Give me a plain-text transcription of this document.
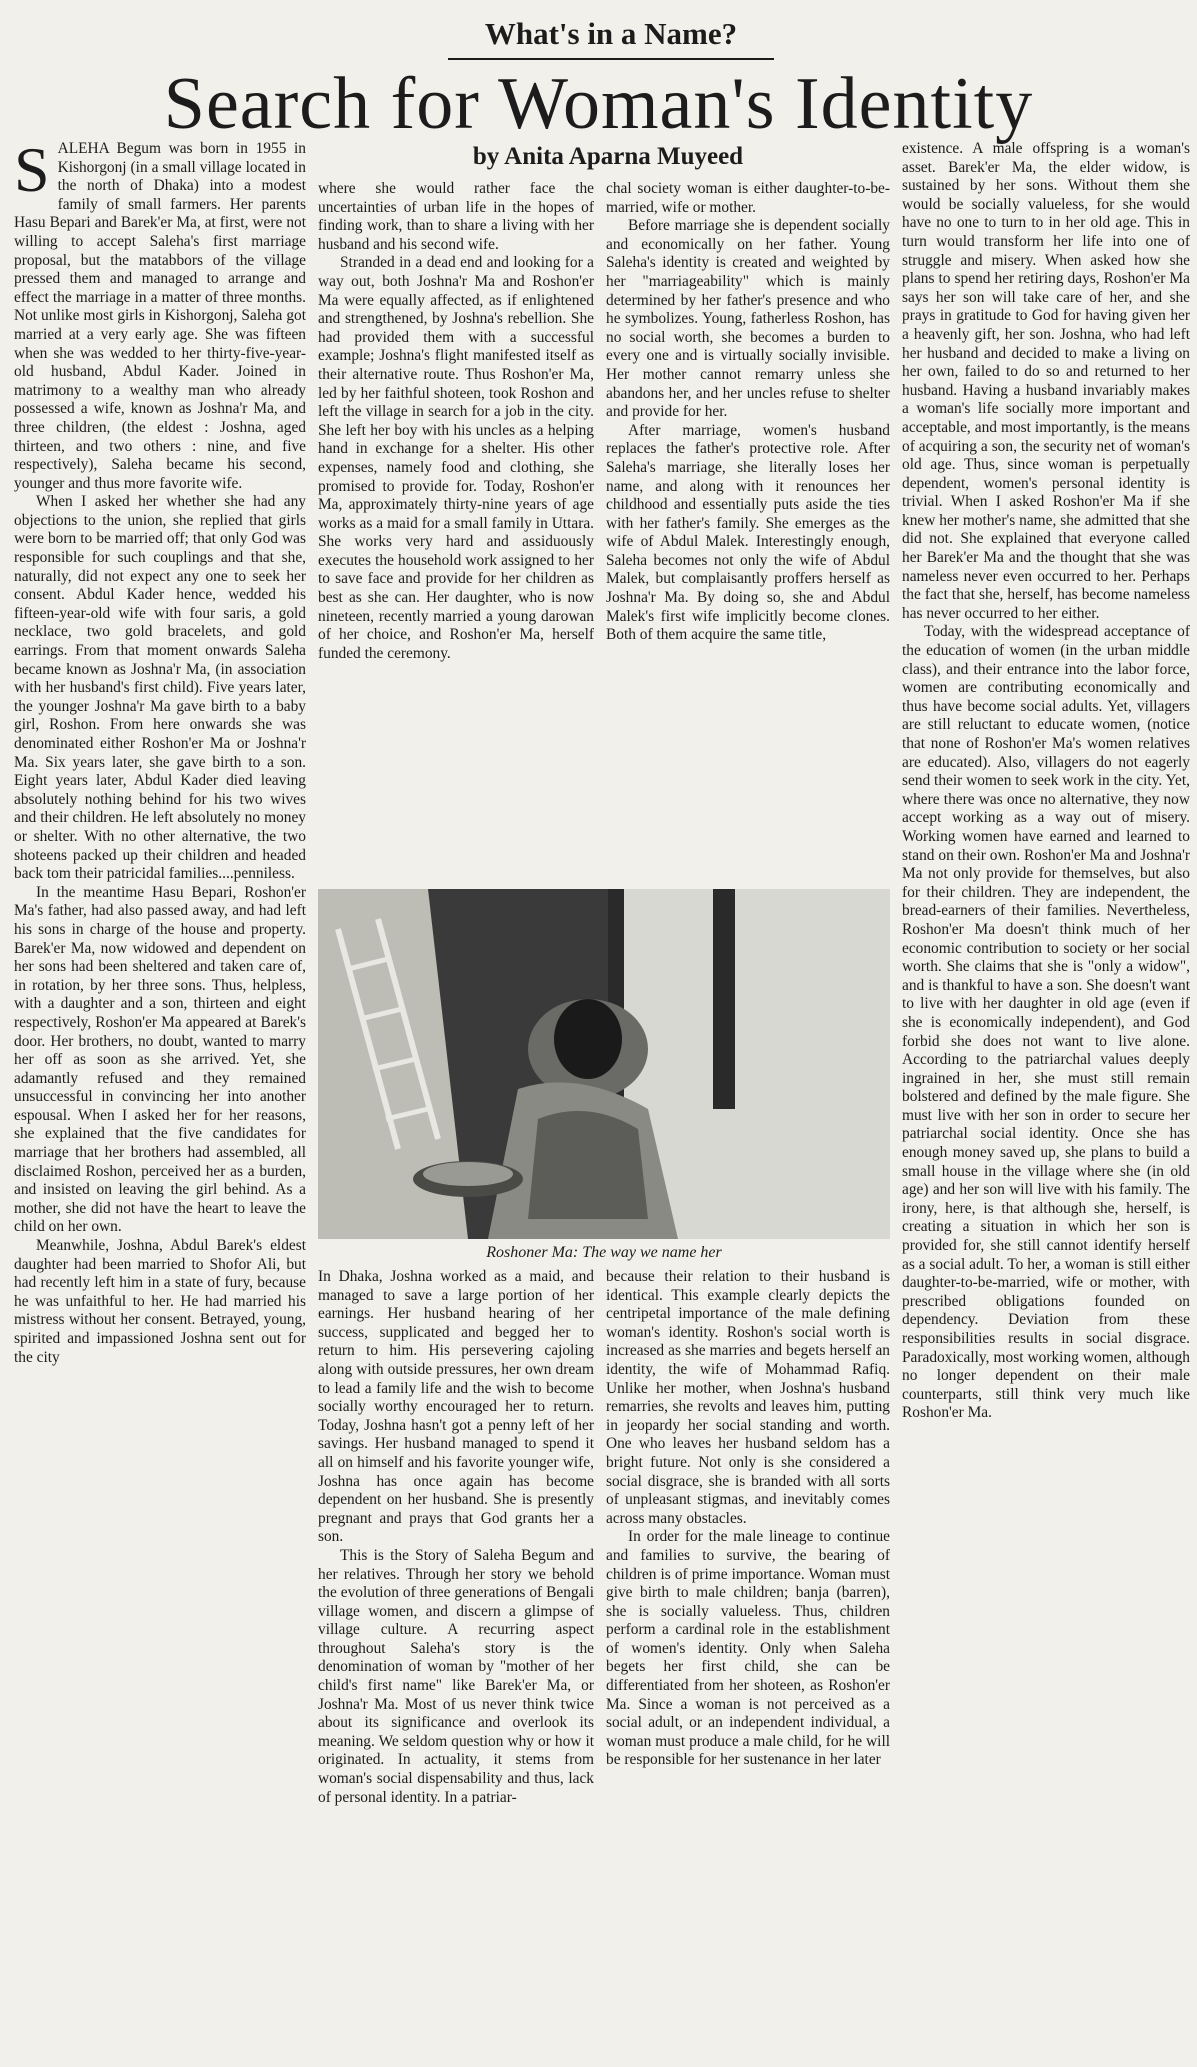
What's in a Name?
Search for Woman's Identity
by Anita Aparna Muyeed

SALEHA Begum was born in 1955 in Kishorgonj (in a small village located in the north of Dhaka) into a modest family of small farmers. Her parents Hasu Bepari and Barek'er Ma, at first, were not willing to accept Saleha's first marriage proposal, but the matabbors of the village pressed them and managed to arrange and effect the marriage in a matter of three months. Not unlike most girls in Kishorgonj, Saleha got married at a very early age. She was fifteen when she was wedded to her thirty-five-year-old husband, Abdul Kader. Joined in matrimony to a wealthy man who already possessed a wife, known as Joshna'r Ma, and three children, (the eldest : Joshna, aged thirteen, and two others : nine, and five respectively), Saleha became his second, younger and thus more favorite wife.

When I asked her whether she had any objections to the union, she replied that girls were born to be married off; that only God was responsible for such couplings and that she, naturally, did not expect any one to seek her consent. Abdul Kader hence, wedded his fifteen-year-old wife with four saris, a gold necklace, two gold bracelets, and gold earrings. From that moment onwards Saleha became known as Joshna'r Ma, (in association with her husband's first child). Five years later, the younger Joshna'r Ma gave birth to a baby girl, Roshon. From here onwards she was denominated either Roshon'er Ma or Joshna'r Ma. Six years later, she gave birth to a son. Eight years later, Abdul Kader died leaving absolutely nothing behind for his two wives and their children. He left absolutely no money or shelter. With no other alternative, the two shoteens packed up their children and headed back tom their patricidal families....penniless.

In the meantime Hasu Bepari, Roshon'er Ma's father, had also passed away, and had left his sons in charge of the house and property. Barek'er Ma, now widowed and dependent on her sons had been sheltered and taken care of, in rotation, by her three sons. Thus, helpless, with a daughter and a son, thirteen and eight respectively, Roshon'er Ma appeared at Barek's door. Her brothers, no doubt, wanted to marry her off as soon as she arrived. Yet, she adamantly refused and they remained unsuccessful in convincing her into another espousal. When I asked her for her reasons, she explained that the five candidates for marriage that her brothers had assembled, all disclaimed Roshon, perceived her as a burden, and insisted on leaving the girl behind. As a mother, she did not have the heart to leave the child on her own.

Meanwhile, Joshna, Abdul Barek's eldest daughter had been married to Shofor Ali, but had recently left him in a state of fury, because he was unfaithful to her. He had married his mistress without her consent. Betrayed, young, spirited and impassioned Joshna sent out for the city

where she would rather face the uncertainties of urban life in the hopes of finding work, than to share a living with her husband and his second wife.

Stranded in a dead end and looking for a way out, both Joshna'r Ma and Roshon'er Ma were equally affected, as if enlightened and strengthened, by Joshna's rebellion. She had provided them with a successful example; Joshna's flight manifested itself as their alternative route. Thus Roshon'er Ma, led by her faithful shoteen, took Roshon and left the village in search for a job in the city. She left her boy with his uncles as a helping hand in exchange for a shelter. His other expenses, namely food and clothing, she promised to provide for. Today, Roshon'er Ma, approximately thirty-nine years of age works as a maid for a small family in Uttara. She works very hard and assiduously executes the household work assigned to her to save face and provide for her children as best as she can. Her daughter, who is now nineteen, recently married a young darowan of her choice, and Roshon'er Ma, herself funded the ceremony.

chal society woman is either daughter-to-be-married, wife or mother.

Before marriage she is dependent socially and economically on her father. Young Saleha's identity is created and weighted by her "marriageability" which is mainly determined by her father's presence and who he symbolizes. Young, fatherless Roshon, has no social worth, she becomes a burden to every one and is virtually socially invisible. Her mother cannot remarry unless she abandons her, and her uncles refuse to shelter and provide for her.

After marriage, women's husband replaces the father's protective role. After Saleha's marriage, she literally loses her name, and along with it renounces her childhood and essentially puts aside the ties with her father's family. She emerges as the wife of Abdul Malek. Interestingly enough, Saleha becomes not only the wife of Abdul Malek, but complaisantly proffers herself as Joshna'r Ma. By doing so, she and Abdul Malek's first wife implicitly become clones. Both of them acquire the same title,

Roshoner Ma: The way we name her

In Dhaka, Joshna worked as a maid, and managed to save a large portion of her earnings. Her husband hearing of her success, supplicated and begged her to return to him. His persevering cajoling along with outside pressures, her own dream to lead a family life and the wish to become socially worthy encouraged her to return. Today, Joshna hasn't got a penny left of her savings. Her husband managed to spend it all on himself and his favorite younger wife, Joshna has once again has become dependent on her husband. She is presently pregnant and prays that God grants her a son.

This is the Story of Saleha Begum and her relatives. Through her story we behold the evolution of three generations of Bengali village women, and discern a glimpse of village culture. A recurring aspect throughout Saleha's story is the denomination of woman by "mother of her child's first name" like Barek'er Ma, or Joshna'r Ma. Most of us never think twice about its significance and overlook its meaning. We seldom question why or how it originated. In actuality, it stems from woman's social dispensability and thus, lack of personal identity. In a patriar-

because their relation to their husband is identical. This example clearly depicts the centripetal importance of the male defining woman's identity. Roshon's social worth is increased as she marries and begets herself an identity, the wife of Mohammad Rafiq. Unlike her mother, when Joshna's husband remarries, she revolts and leaves him, putting in jeopardy her social standing and worth. One who leaves her husband seldom has a bright future. Not only is she considered a social disgrace, she is branded with all sorts of unpleasant stigmas, and inevitably comes across many obstacles.

In order for the male lineage to continue and families to survive, the bearing of children is of prime importance. Woman must give birth to male children; banja (barren), she is socially valueless. Thus, children perform a cardinal role in the establishment of women's identity. Only when Saleha begets her first child, she can be differentiated from her shoteen, as Roshon'er Ma. Since a woman is not perceived as a social adult, or an independent individual, a woman must produce a male child, for he will be responsible for her sustenance in her later

existence. A male offspring is a woman's asset. Barek'er Ma, the elder widow, is sustained by her sons. Without them she would be socially valueless, for she would have no one to turn to in her old age. This in turn would transform her life into one of struggle and misery. When asked how she plans to spend her retiring days, Roshon'er Ma says her son will take care of her, and she prays in gratitude to God for having given her a heavenly gift, her son. Joshna, who had left her husband and decided to make a living on her own, failed to do so and returned to her husband. Having a husband invariably makes a woman's life socially more important and acceptable, and most importantly, is the means of acquiring a son, the security net of woman's old age. Thus, since woman is perpetually dependent, women's personal identity is trivial. When I asked Roshon'er Ma if she knew her mother's name, she admitted that she did not. She explained that everyone called her Barek'er Ma and the thought that she was nameless never even occurred to her. Perhaps the fact that she, herself, has become nameless has never occurred to her either.

Today, with the widespread acceptance of the education of women (in the urban middle class), and their entrance into the labor force, women are contributing economically and thus have become social adults. Yet, villagers are still reluctant to educate women, (notice that none of Roshon'er Ma's women relatives are educated). Also, villagers do not eagerly send their women to seek work in the city. Yet, where there was once no alternative, they now accept working as a way out of misery. Working women have earned and learned to stand on their own. Roshon'er Ma and Joshna'r Ma not only provide for themselves, but also for their children. They are independent, the bread-earners of their families. Nevertheless, Roshon'er Ma doesn't think much of her economic contribution to society or her social worth. She claims that she is "only a widow", and is thankful to have a son. She doesn't want to live with her daughter in old age (even if she is economically independent), and God forbid she does not want to live alone. According to the patriarchal values deeply ingrained in her, she must still remain bolstered and defined by the male figure. She must live with her son in order to secure her patriarchal social identity. Once she has enough money saved up, she plans to build a small house in the village where she (in old age) and her son will live with his family. The irony, here, is that although she, herself, is creating a situation in which her son is provided for, she still cannot identify herself as a social adult. To her, a woman is still either daughter-to-be-married, wife or mother, with prescribed obligations founded on dependency. Deviation from these responsibilities results in social disgrace. Paradoxically, most working women, although no longer dependent on their male counterparts, still think very much like Roshon'er Ma.
